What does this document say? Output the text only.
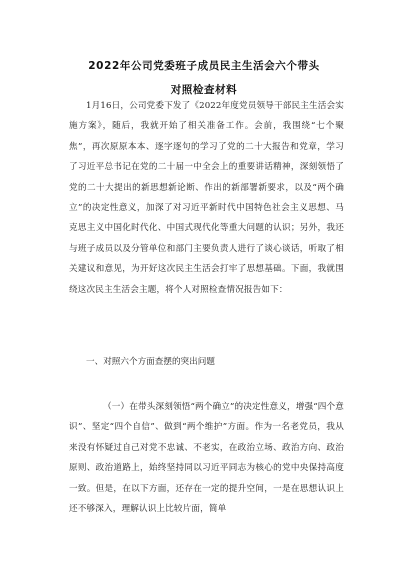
2022年公司党委班子成员民主生活会六个带头
对照检查材料
1月16日，公司党委下发了《2022年度党员领导干部民主生活会实施方案》，随后，我就开始了相关准备工作。会前，我围绕“七个聚焦”，再次原原本本、逐字逐句的学习了党的二十大报告和党章，学习了习近平总书记在党的二十届一中全会上的重要讲话精神，深刻领悟了党的二十大提出的新思想新论断、作出的新部署新要求，以及“两个确立”的决定性意义，加深了对习近平新时代中国特色社会主义思想、马克思主义中国化时代化、中国式现代化等重大问题的认识；另外，我还与班子成员以及分管单位和部门主要负责人进行了谈心谈话，听取了相关建议和意见，为开好这次民主生活会打牢了思想基础。下面，我就围绕这次民主生活会主题，将个人对照检查情况报告如下：
一、对照六个方面查摆的突出问题
（一）在带头深刻领悟“两个确立”的决定性意义，增强“四个意识”、坚定“四个自信”、做到“两个维护”方面。作为一名老党员，我从来没有怀疑过自己对党不忠诚、不老实，在政治立场、政治方向、政治原则、政治道路上，始终坚持同以习近平同志为核心的党中央保持高度一致。但是，在以下方面，还存在一定的提升空间，一是在思想认识上还不够深入，理解认识上比较片面，简单
